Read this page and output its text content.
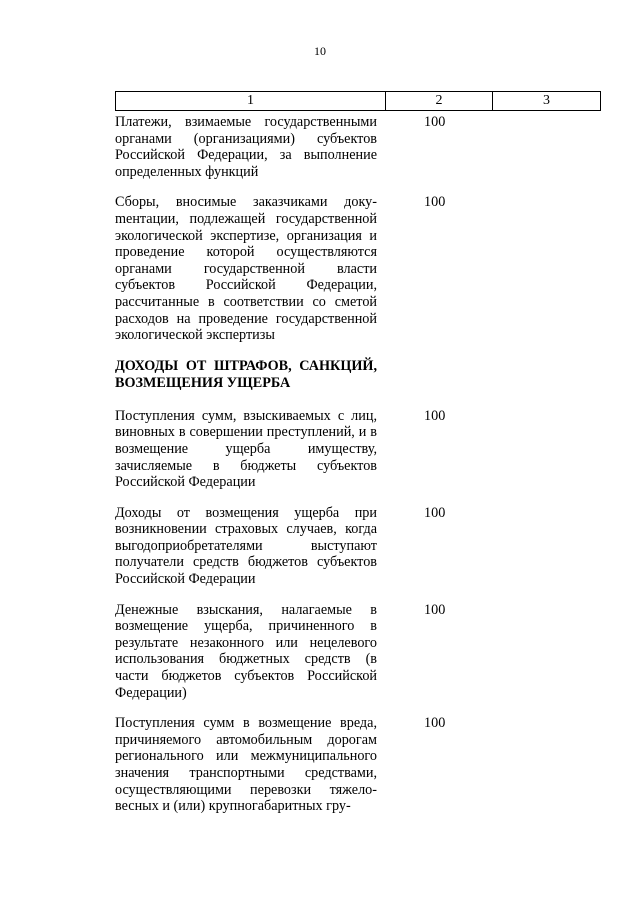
10
1	2	3
Платежи, взимаемые государственными органами (организациями) субъектов Российской Федерации, за выполнение определенных функций
100
Сборы, вносимые заказчиками докуmентации, подлежащей государственной экологической экспертизе, организация и проведение которой осуществляются органами государственной власти субъектов Российской Федерации, рассчитанные в соответствии со сметой расходов на проведение государственной экологической экспертизы
100
ДОХОДЫ ОТ ШТРАФОВ, САНКЦИЙ, ВОЗМЕЩЕНИЯ УЩЕРБА
Поступления сумм, взыскиваемых с лиц, виновных в совершении преступлений, и в возмещение ущерба имуществу, зачисляемые в бюджеты субъектов Российской Федерации
100
Доходы от возмещения ущерба при возникновении страховых случаев, когда выгодоприобретателями выступают получатели средств бюджетов субъектов Российской Федерации
100
Денежные взыскания, налагаемые в возмещение ущерба, причиненного в результате незаконного или нецелевого использования бюджетных средств (в части бюджетов субъектов Российской Федерации)
100
Поступления сумм в возмещение вреда, причиняемого автомобильным дорогам регионального или межмуниципального значения транспортными средствами, осуществляющими перевозки тяжеловесных и (или) крупногабаритных гру-
100
